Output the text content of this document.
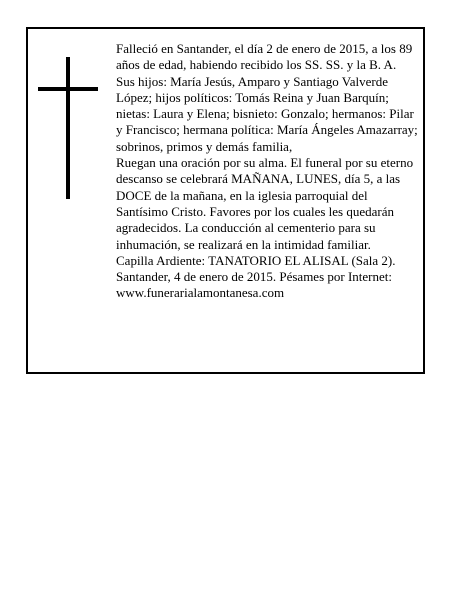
Falleció en Santander, el día 2 de enero de 2015, a los 89 años de edad, habiendo recibido los SS. SS. y la B. A.

Sus hijos: María Jesús, Amparo y Santiago Valverde López; hijos políticos: Tomás Reina y Juan Barquín; nietas: Laura y Elena; bisnieto: Gonzalo; hermanos: Pilar y Francisco; hermana política: María Ángeles Amazarray; sobrinos, primos y demás familia,

Ruegan una oración por su alma. El funeral por su eterno descanso se celebrará MAÑANA, LUNES, día 5, a las DOCE de la mañana, en la iglesia parroquial del Santísimo Cristo. Favores por los cuales les quedarán agradecidos. La conducción al cementerio para su inhumación, se realizará en la intimidad familiar.

Capilla Ardiente: TANATORIO EL ALISAL (Sala 2).

Santander, 4 de enero de 2015. Pésames por Internet: www.funerarialamontanesa.com
